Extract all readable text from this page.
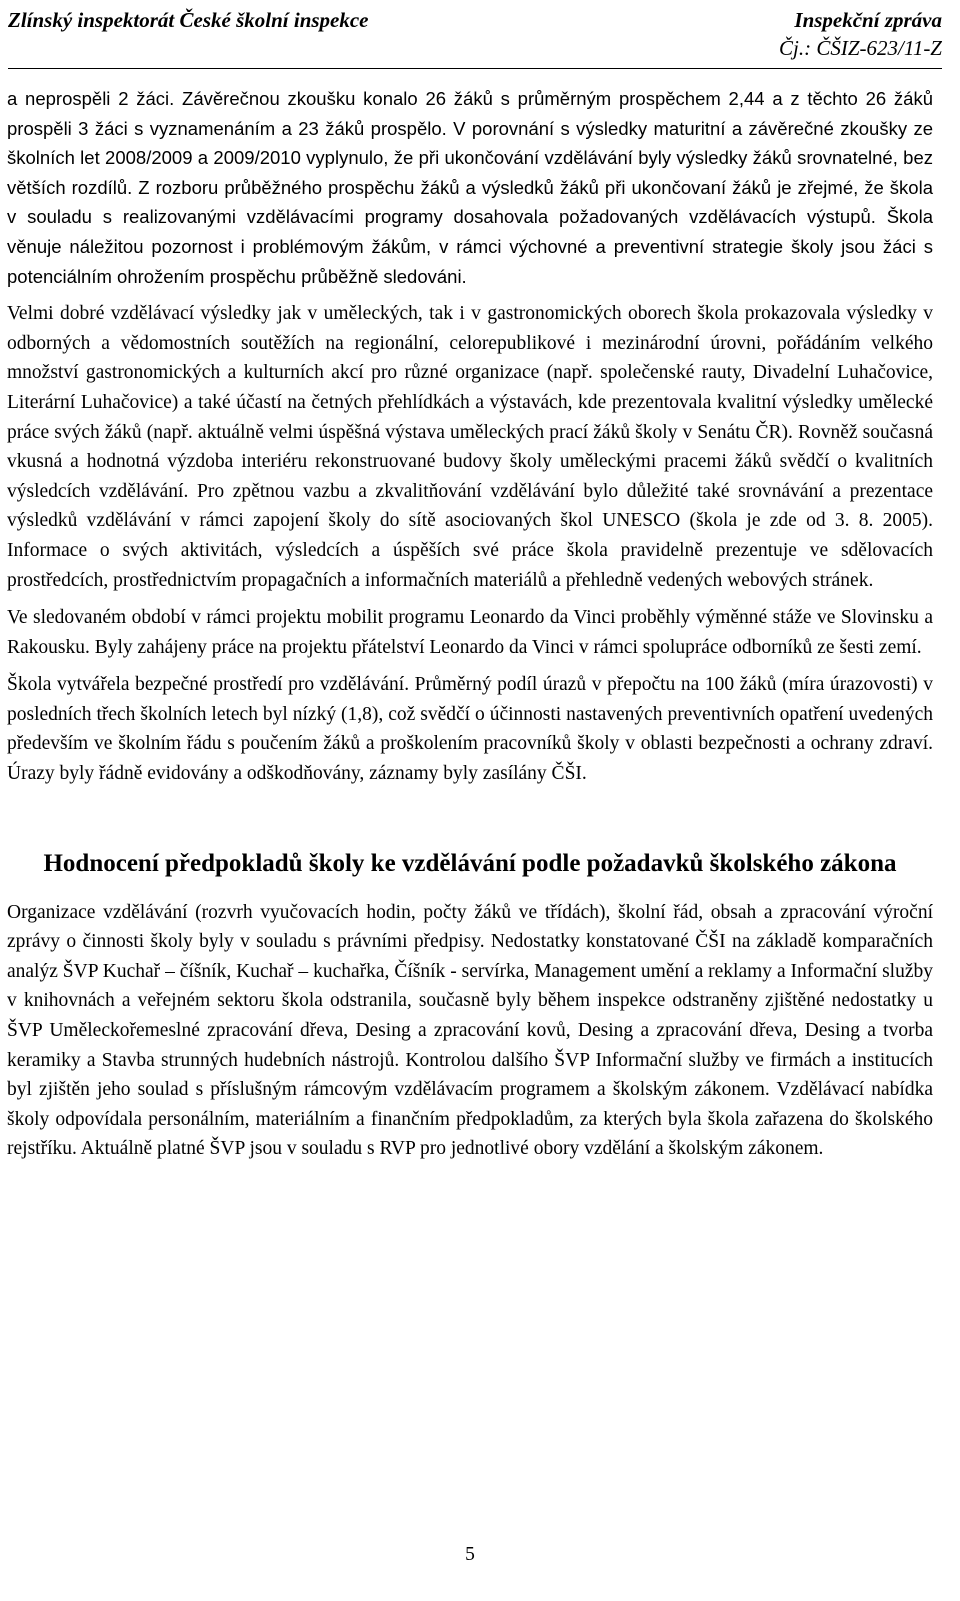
Zlínský inspektorát České školní inspekce	Inspekční zpráva
Čj.: ČŠIZ-623/11-Z

a neprospěli 2 žáci. Závěrečnou zkoušku konalo 26 žáků s průměrným prospěchem 2,44 a z těchto 26 žáků prospěli 3 žáci s vyznamenáním a 23 žáků prospělo. V porovnání s výsledky maturitní a závěrečné zkoušky ze školních let 2008/2009 a 2009/2010 vyplynulo, že při ukončování vzdělávání byly výsledky žáků srovnatelné, bez větších rozdílů. Z rozboru průběžného prospěchu žáků a výsledků žáků při ukončovaní žáků je zřejmé, že škola v souladu s realizovanými vzdělávacími programy dosahovala požadovaných vzdělávacích výstupů. Škola věnuje náležitou pozornost i problémovým žákům, v rámci výchovné a preventivní strategie školy jsou žáci s potenciálním ohrožením prospěchu průběžně sledováni.

Velmi dobré vzdělávací výsledky jak v uměleckých, tak i v gastronomických oborech škola prokazovala výsledky v odborných a vědomostních soutěžích na regionální, celorepublikové i mezinárodní úrovni, pořádáním velkého množství gastronomických a kulturních akcí pro různé organizace (např. společenské rauty, Divadelní Luhačovice, Literární Luhačovice) a také účastí na četných přehlídkách a výstavách, kde prezentovala kvalitní výsledky umělecké práce svých žáků (např. aktuálně velmi úspěšná výstava uměleckých prací žáků školy v Senátu ČR). Rovněž současná vkusná a hodnotná výzdoba interiéru rekonstruované budovy školy uměleckými pracemi žáků svědčí o kvalitních výsledcích vzdělávání. Pro zpětnou vazbu a zkvalitňování vzdělávání bylo důležité také srovnávání a prezentace výsledků vzdělávání v rámci zapojení školy do sítě asociovaných škol UNESCO (škola je zde od 3. 8. 2005). Informace o svých aktivitách, výsledcích a úspěších své práce škola pravidelně prezentuje ve sdělovacích prostředcích, prostřednictvím propagačních a informačních materiálů a přehledně vedených webových stránek.

Ve sledovaném období v rámci projektu mobilit programu Leonardo da Vinci proběhly výměnné stáže ve Slovinsku a Rakousku. Byly zahájeny práce na projektu přátelství Leonardo da Vinci v rámci spolupráce odborníků ze šesti zemí.

Škola vytvářela bezpečné prostředí pro vzdělávání. Průměrný podíl úrazů v přepočtu na 100 žáků (míra úrazovosti) v posledních třech školních letech byl nízký (1,8), což svědčí o účinnosti nastavených preventivních opatření uvedených především ve školním řádu s poučením žáků a proškolením pracovníků školy v oblasti bezpečnosti a ochrany zdraví. Úrazy byly řádně evidovány a odškodňovány, záznamy byly zasílány ČŠI.

Hodnocení předpokladů školy ke vzdělávání podle požadavků školského zákona

Organizace vzdělávání (rozvrh vyučovacích hodin, počty žáků ve třídách), školní řád, obsah a zpracování výroční zprávy o činnosti školy byly v souladu s právními předpisy. Nedostatky konstatované ČŠI na základě komparačních analýz ŠVP Kuchař – číšník, Kuchař – kuchařka, Číšník - servírka, Management umění a reklamy a Informační služby v knihovnách a veřejném sektoru škola odstranila, současně byly během inspekce odstraněny zjištěné nedostatky u ŠVP Uměleckořemeslné zpracování dřeva, Desing a zpracování kovů, Desing a zpracování dřeva, Desing a tvorba keramiky a Stavba strunných hudebních nástrojů. Kontrolou dalšího ŠVP Informační služby ve firmách a institucích byl zjištěn jeho soulad s příslušným rámcovým vzdělávacím programem a školským zákonem. Vzdělávací nabídka školy odpovídala personálním, materiálním a finančním předpokladům, za kterých byla škola zařazena do školského rejstříku. Aktuálně platné ŠVP jsou v souladu s RVP pro jednotlivé obory vzdělání a školským zákonem.

5
